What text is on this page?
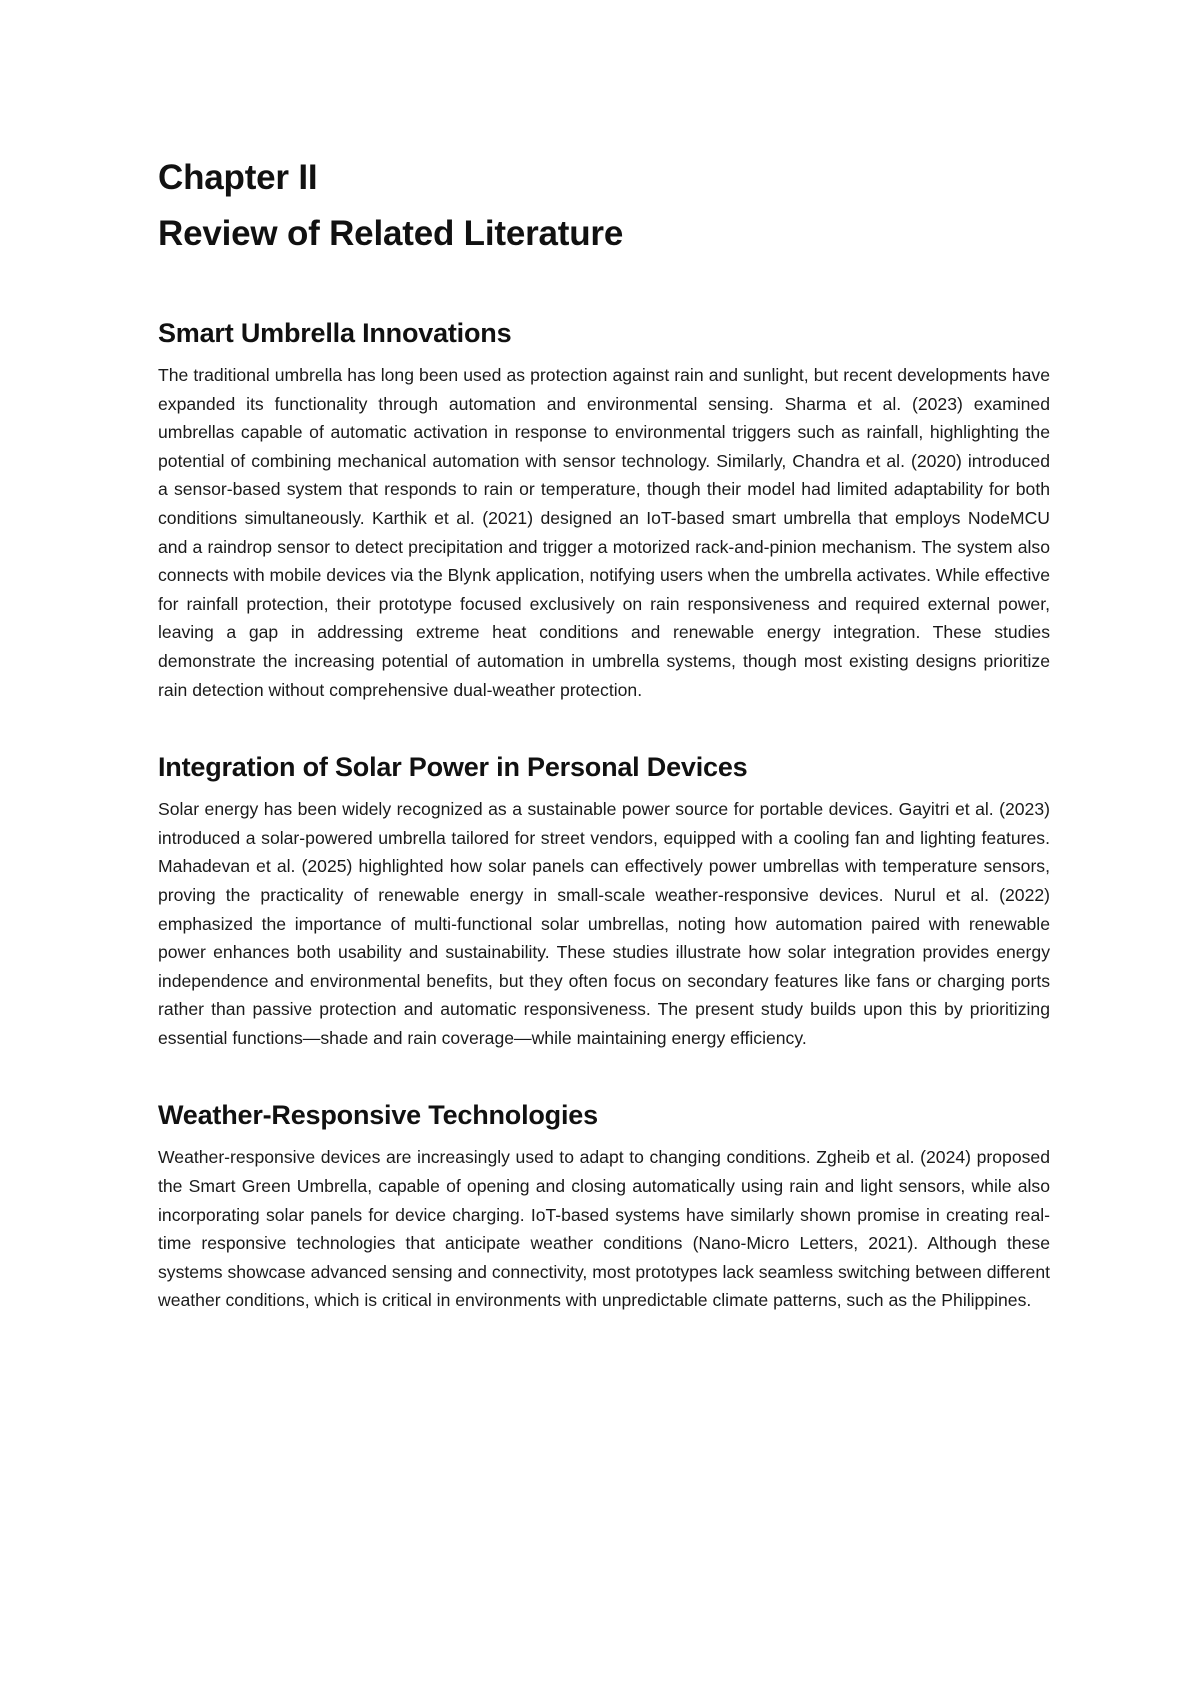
Chapter II
Review of Related Literature
Smart Umbrella Innovations

The traditional umbrella has long been used as protection against rain and sunlight, but recent developments have expanded its functionality through automation and environmental sensing. Sharma et al. (2023) examined umbrellas capable of automatic activation in response to environmental triggers such as rainfall, highlighting the potential of combining mechanical automation with sensor technology. Similarly, Chandra et al. (2020) introduced a sensor-based system that responds to rain or temperature, though their model had limited adaptability for both conditions simultaneously. Karthik et al. (2021) designed an IoT-based smart umbrella that employs NodeMCU and a raindrop sensor to detect precipitation and trigger a motorized rack-and-pinion mechanism. The system also connects with mobile devices via the Blynk application, notifying users when the umbrella activates. While effective for rainfall protection, their prototype focused exclusively on rain responsiveness and required external power, leaving a gap in addressing extreme heat conditions and renewable energy integration. These studies demonstrate the increasing potential of automation in umbrella systems, though most existing designs prioritize rain detection without comprehensive dual-weather protection.

Integration of Solar Power in Personal Devices

Solar energy has been widely recognized as a sustainable power source for portable devices. Gayitri et al. (2023) introduced a solar-powered umbrella tailored for street vendors, equipped with a cooling fan and lighting features. Mahadevan et al. (2025) highlighted how solar panels can effectively power umbrellas with temperature sensors, proving the practicality of renewable energy in small-scale weather-responsive devices. Nurul et al. (2022) emphasized the importance of multi-functional solar umbrellas, noting how automation paired with renewable power enhances both usability and sustainability. These studies illustrate how solar integration provides energy independence and environmental benefits, but they often focus on secondary features like fans or charging ports rather than passive protection and automatic responsiveness. The present study builds upon this by prioritizing essential functions—shade and rain coverage—while maintaining energy efficiency.

Weather-Responsive Technologies

Weather-responsive devices are increasingly used to adapt to changing conditions. Zgheib et al. (2024) proposed the Smart Green Umbrella, capable of opening and closing automatically using rain and light sensors, while also incorporating solar panels for device charging. IoT-based systems have similarly shown promise in creating real-time responsive technologies that anticipate weather conditions (Nano-Micro Letters, 2021). Although these systems showcase advanced sensing and connectivity, most prototypes lack seamless switching between different weather conditions, which is critical in environments with unpredictable climate patterns, such as the Philippines.
